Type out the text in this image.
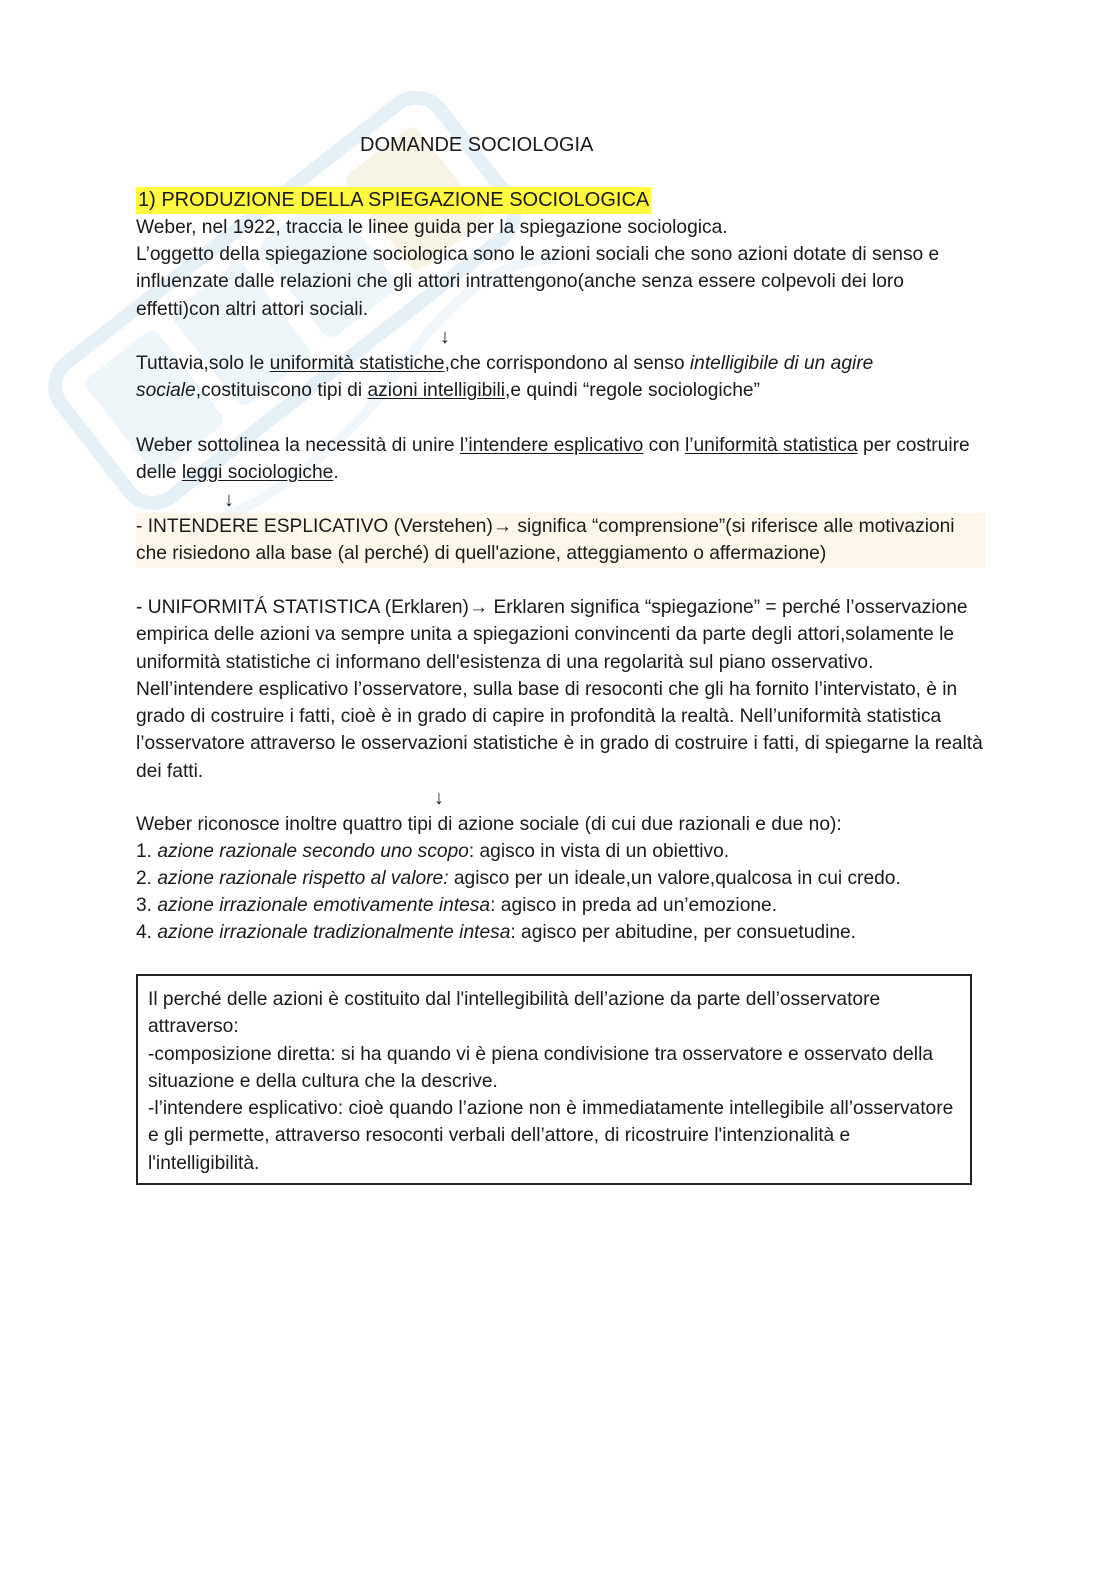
DOMANDE SOCIOLOGIA
1) PRODUZIONE DELLA SPIEGAZIONE SOCIOLOGICA

Weber, nel 1922, traccia le linee guida per la spiegazione sociologica.

L’oggetto della spiegazione sociologica sono le azioni sociali che sono azioni dotate di senso e influenzate dalle relazioni che gli attori intrattengono(anche senza essere colpevoli dei loro effetti)con altri attori sociali.

↓

Tuttavia,solo le uniformità statistiche,che corrispondono al senso intelligibile di un agire sociale,costituiscono tipi di azioni intelligibili,e quindi “regole sociologiche”

Weber sottolinea la necessità di unire l’intendere esplicativo con l’uniformità statistica per costruire delle leggi sociologiche.

↓

- INTENDERE ESPLICATIVO (Verstehen)→ significa “comprensione”(si riferisce alle motivazioni che risiedono alla base (al perché) di quell'azione, atteggiamento o affermazione)

- UNIFORMITÁ STATISTICA (Erklaren)→ Erklaren significa “spiegazione” = perché l’osservazione empirica delle azioni va sempre unita a spiegazioni convincenti da parte degli attori,solamente le uniformità statistiche ci informano dell'esistenza di una regolarità sul piano osservativo. Nell’intendere esplicativo l’osservatore, sulla base di resoconti che gli ha fornito l’intervistato, è in grado di costruire i fatti, cioè è in grado di capire in profondità la realtà. Nell’uniformità statistica l’osservatore attraverso le osservazioni statistiche è in grado di costruire i fatti, di spiegarne la realtà dei fatti.

↓

Weber riconosce inoltre quattro tipi di azione sociale (di cui due razionali e due no):

1. azione razionale secondo uno scopo: agisco in vista di un obiettivo.

2. azione razionale rispetto al valore: agisco per un ideale,un valore,qualcosa in cui credo.

3. azione irrazionale emotivamente intesa: agisco in preda ad un’emozione.

4. azione irrazionale tradizionalmente intesa: agisco per abitudine, per consuetudine.

Il perché delle azioni è costituito dal l'intellegibilità dell’azione da parte dell’osservatore attraverso:

-composizione diretta: si ha quando vi è piena condivisione tra osservatore e osservato della situazione e della cultura che la descrive.

-l’intendere esplicativo: cioè quando l’azione non è immediatamente intellegibile all’osservatore e gli permette, attraverso resoconti verbali dell’attore, di ricostruire l'intenzionalità e l'intelligibilità.
